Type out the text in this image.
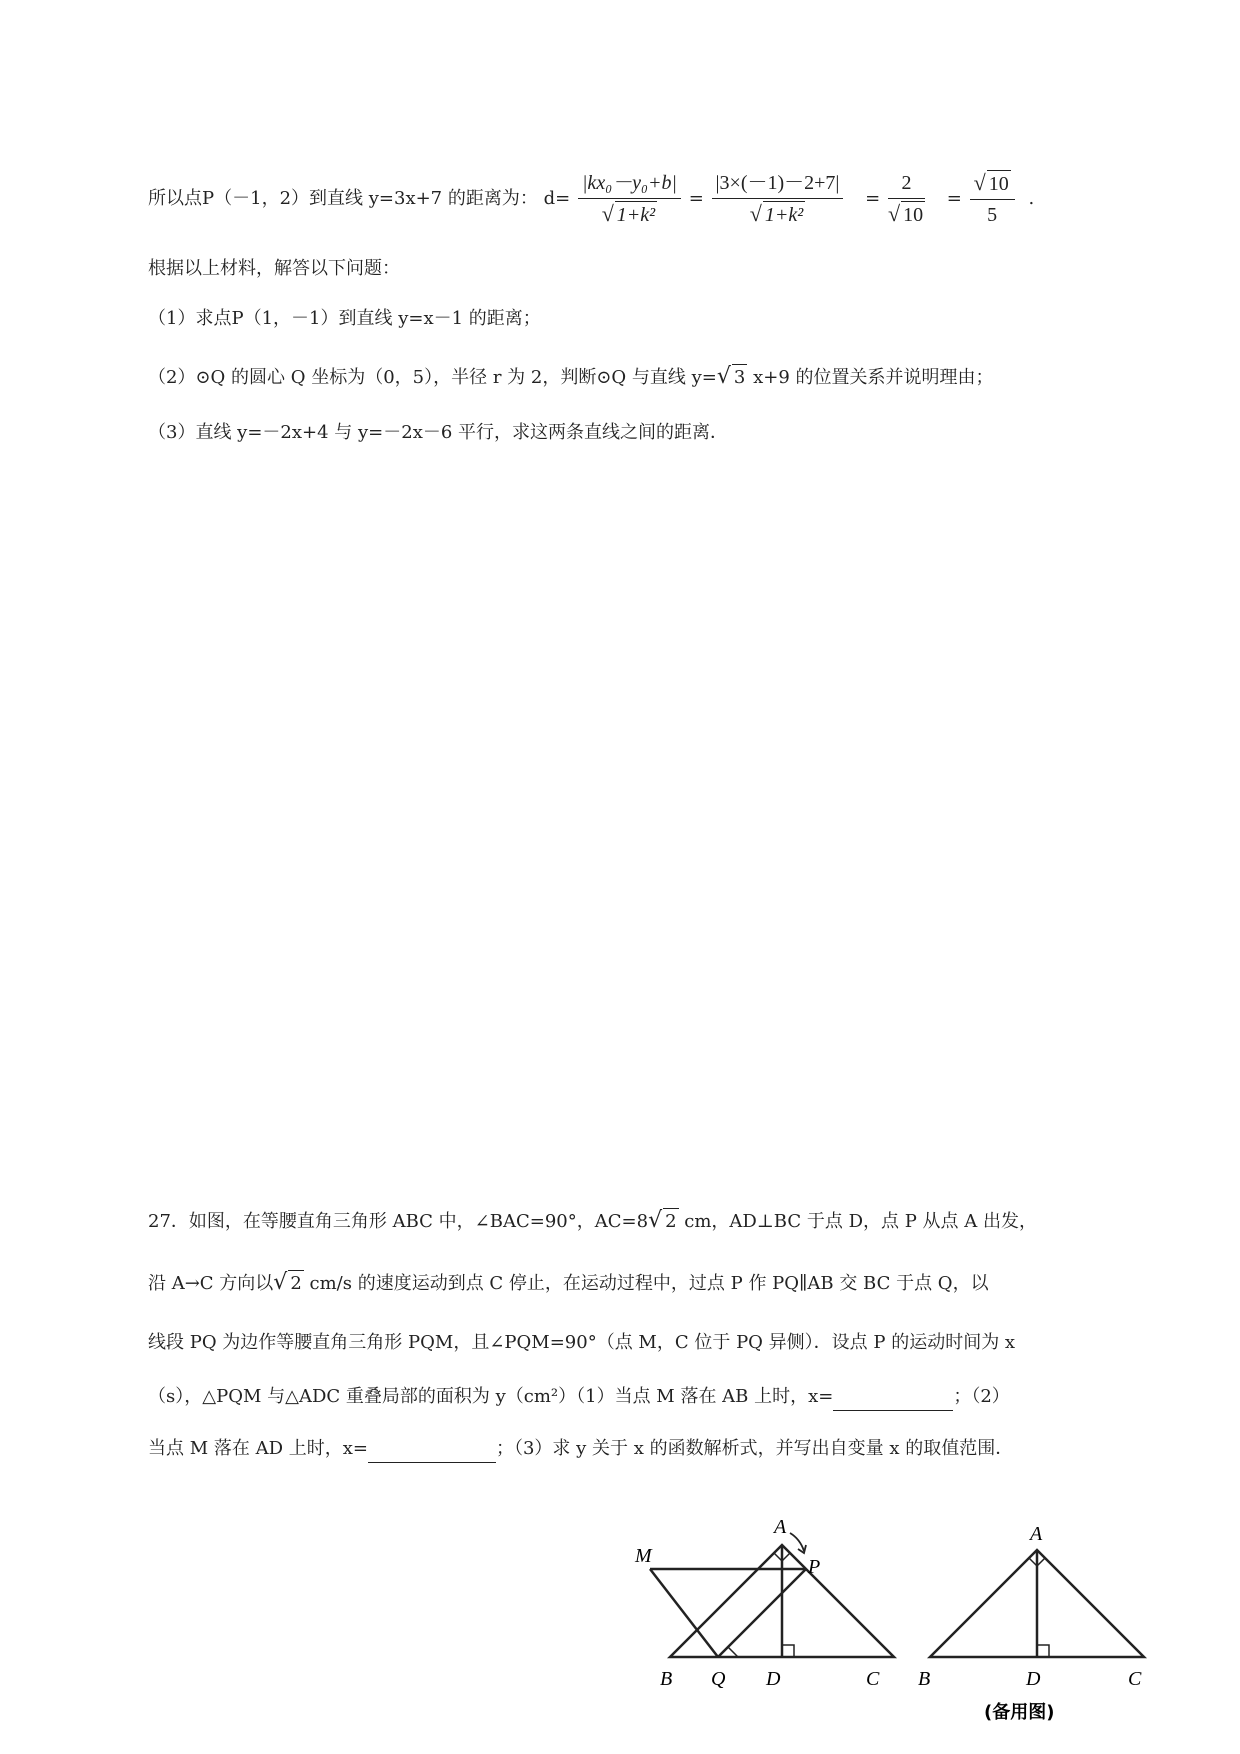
所以点P（－1，2）到直线 y=3x+7 的距离为： $d= \frac{\text{|kx₀－y₀+b|}}{\text{√ 1+k²}} = \frac{|3\times(-1)-2+7|}{\text{√ 1+k²}} = \frac{2}{√ 10} = \frac{√ 10}{5}$ .
根据以上材料，解答以下问题：
（1）求点P（1，－1）到直线 y=x－1 的距离；
（2）⊙Q 的圆心 Q 坐标为（0，5），半径 r 为 2，判断⊙Q 与直线 y=√ 3 x+9 的位置关系并说明理由；
（3）直线 y=－2x+4 与 y=－2x－6 平行，求这两条直线之间的距离．
27．如图，在等腰直角三角形 ABC 中，∠BAC=90°，AC=8√ 2 cm，AD⊥BC 于点 D，点 P 从点 A 出发，
沿 A→C 方向以√ 2 cm/s 的速度运动到点 C 停止，在运动过程中，过点 P 作 PQ∥AB 交 BC 于点 Q，以
线段 PQ 为边作等腰直角三角形 PQM，且∠PQM=90°（点 M，C 位于 PQ 异侧）．设点 P 的运动时间为 x
（s），△PQM 与△ADC 重叠局部的面积为 y（cm²）（1）当点 M 落在 AB 上时，x=	；（2）
当点 M 落在 AD 上时，x=	；（3）求 y 关于 x 的函数解析式，并写出自变量 x 的取值范围．
A
P
M
B Q D	C
A
B	D	C
(备用图)
